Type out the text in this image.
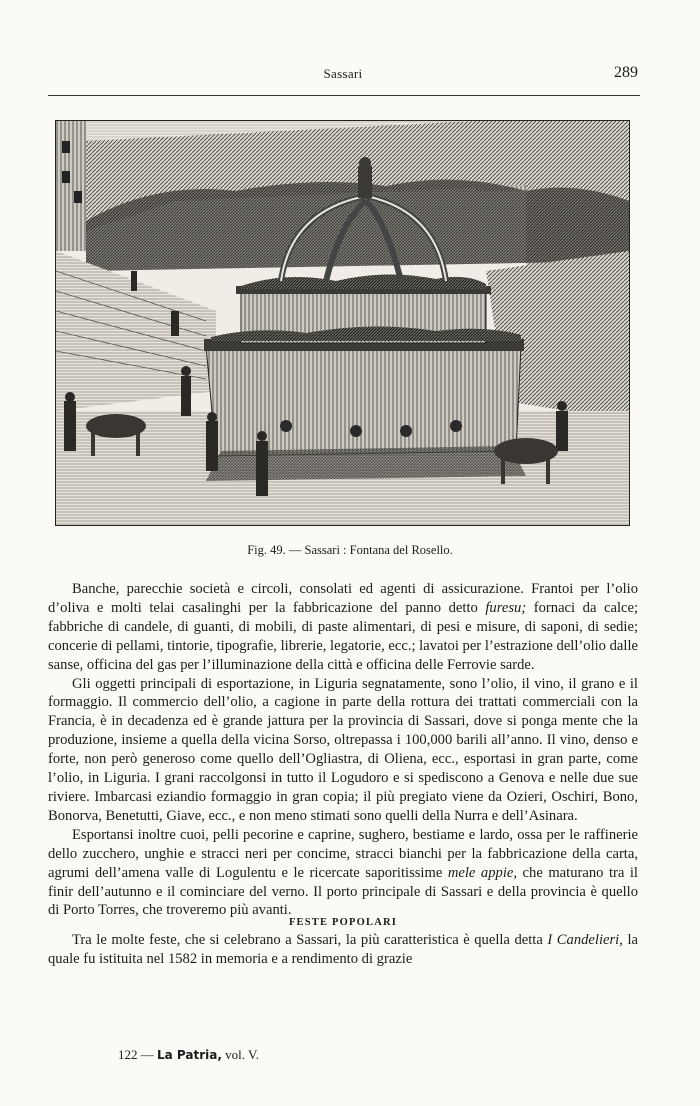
Sassari	289
Fig. 49. — Sassari : Fontana del Rosello.

Banche, parecchie società e circoli, consolati ed agenti di assicurazione. Frantoi per l’olio d’oliva e molti telai casalinghi per la fabbricazione del panno detto furesu; fornaci da calce; fabbriche di candele, di guanti, di mobili, di paste alimentari, di pesi e misure, di saponi, di sedie; concerie di pellami, tintorie, tipografie, librerie, legatorie, ecc.; lavatoi per l’estrazione dell’olio dalle sanse, officina del gas per l’illuminazione della città e officina delle Ferrovie sarde.

Gli oggetti principali di esportazione, in Liguria segnatamente, sono l’olio, il vino, il grano e il formaggio. Il commercio dell’olio, a cagione in parte della rottura dei trattati commerciali con la Francia, è in decadenza ed è grande jattura per la provincia di Sassari, dove si ponga mente che la produzione, insieme a quella della vicina Sorso, oltrepassa i 100,000 barili all’anno. Il vino, denso e forte, non però generoso come quello dell’Ogliastra, di Oliena, ecc., esportasi in gran parte, come l’olio, in Liguria. I grani raccolgonsi in tutto il Logudoro e si spediscono a Genova e nelle due sue riviere. Imbarcasi eziandio formaggio in gran copia; il più pregiato viene da Ozieri, Oschiri, Bono, Bonorva, Benetutti, Giave, ecc., e non meno stimati sono quelli della Nurra e dell’Asinara.

Esportansi inoltre cuoi, pelli pecorine e caprine, sughero, bestiame e lardo, ossa per le raffinerie dello zucchero, unghie e stracci neri per concime, stracci bianchi per la fabbricazione della carta, agrumi dell’amena valle di Logulentu e le ricercate saporitissime mele appie, che maturano tra il finir dell’autunno e il cominciare del verno. Il porto principale di Sassari e della provincia è quello di Porto Torres, che troveremo più avanti.

FESTE POPOLARI

Tra le molte feste, che si celebrano a Sassari, la più caratteristica è quella detta I Candelieri, la quale fu istituita nel 1582 in memoria e a rendimento di grazie

122 — La Patria, vol. V.
